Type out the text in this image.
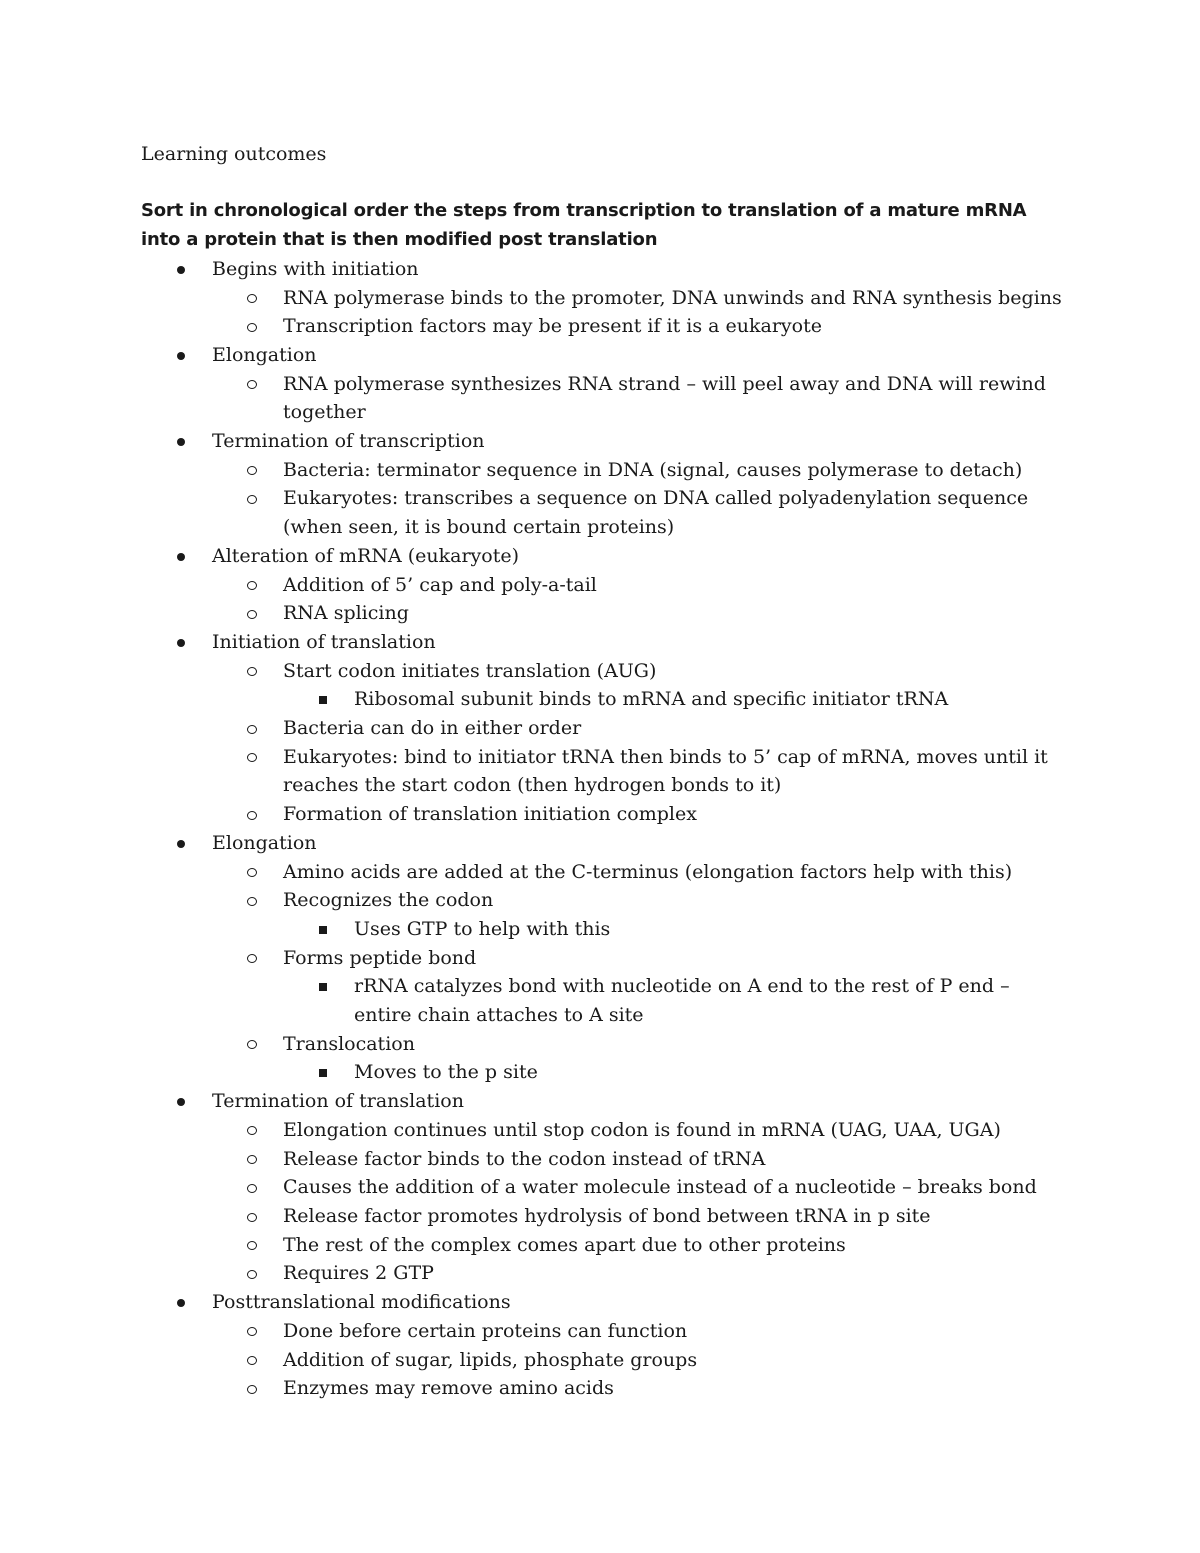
Learning outcomes

Sort in chronological order the steps from transcription to translation of a mature mRNA into a protein that is then modified post translation

Begins with initiation
RNA polymerase binds to the promoter, DNA unwinds and RNA synthesis begins
Transcription factors may be present if it is a eukaryote
Elongation
RNA polymerase synthesizes RNA strand – will peel away and DNA will rewind together
Termination of transcription
Bacteria: terminator sequence in DNA (signal, causes polymerase to detach)
Eukaryotes: transcribes a sequence on DNA called polyadenylation sequence (when seen, it is bound certain proteins)
Alteration of mRNA (eukaryote)
Addition of 5’ cap and poly-a-tail
RNA splicing
Initiation of translation
Start codon initiates translation (AUG)
Ribosomal subunit binds to mRNA and specific initiator tRNA
Bacteria can do in either order
Eukaryotes: bind to initiator tRNA then binds to 5’ cap of mRNA, moves until it reaches the start codon (then hydrogen bonds to it)
Formation of translation initiation complex
Elongation
Amino acids are added at the C-terminus (elongation factors help with this)
Recognizes the codon
Uses GTP to help with this
Forms peptide bond
rRNA catalyzes bond with nucleotide on A end to the rest of P end – entire chain attaches to A site
Translocation
Moves to the p site
Termination of translation
Elongation continues until stop codon is found in mRNA (UAG, UAA, UGA)
Release factor binds to the codon instead of tRNA
Causes the addition of a water molecule instead of a nucleotide – breaks bond
Release factor promotes hydrolysis of bond between tRNA in p site
The rest of the complex comes apart due to other proteins
Requires 2 GTP
Posttranslational modifications
Done before certain proteins can function
Addition of sugar, lipids, phosphate groups
Enzymes may remove amino acids
